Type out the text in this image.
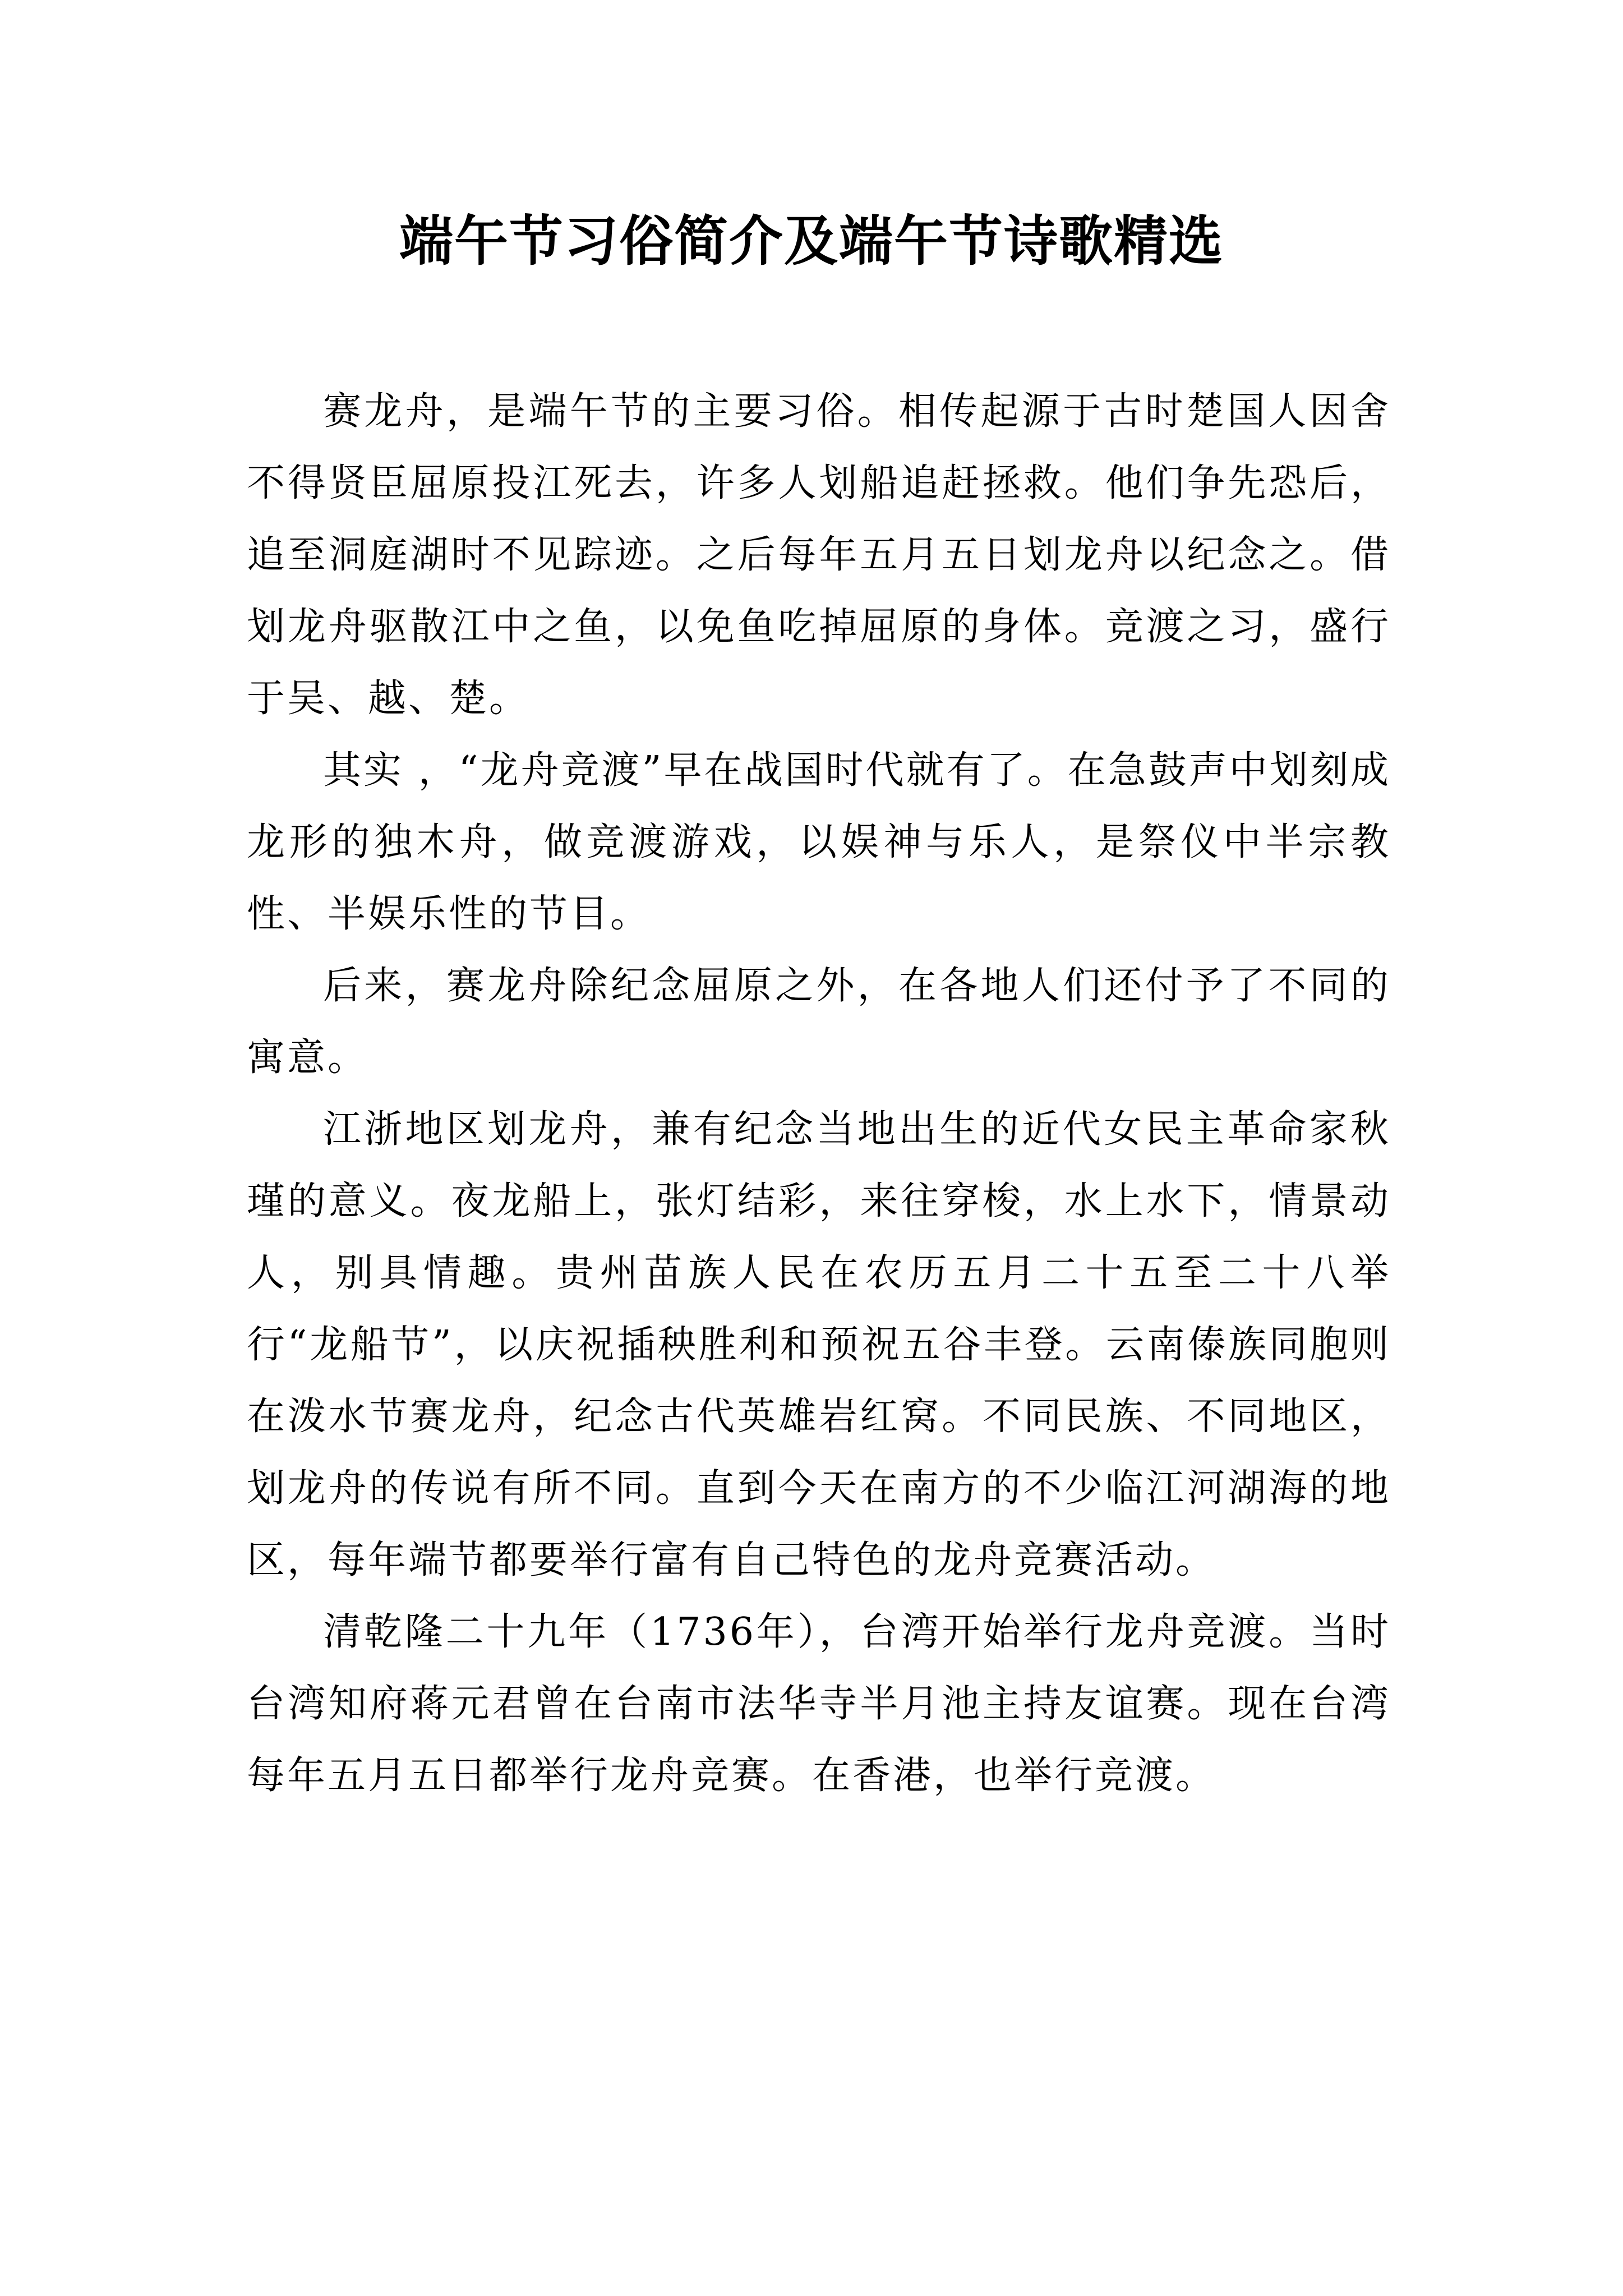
端午节习俗简介及端午节诗歌精选

赛龙舟，是端午节的主要习俗。相传起源于古时楚国人因舍不得贤臣屈原投江死去，许多人划船追赶拯救。他们争先恐后，追至洞庭湖时不见踪迹。之后每年五月五日划龙舟以纪念之。借划龙舟驱散江中之鱼，以免鱼吃掉屈原的身体。竞渡之习，盛行于吴、越、楚。

其实 ，“龙舟竞渡”早在战国时代就有了。在急鼓声中划刻成龙形的独木舟，做竞渡游戏，以娱神与乐人，是祭仪中半宗教性、半娱乐性的节目。

后来，赛龙舟除纪念屈原之外，在各地人们还付予了不同的寓意。

江浙地区划龙舟，兼有纪念当地出生的近代女民主革命家秋瑾的意义。夜龙船上，张灯结彩，来往穿梭，水上水下，情景动人，别具情趣。贵州苗族人民在农历五月二十五至二十八举行“龙船节”，以庆祝插秧胜利和预祝五谷丰登。云南傣族同胞则在泼水节赛龙舟，纪念古代英雄岩红窝。不同民族、不同地区，划龙舟的传说有所不同。直到今天在南方的不少临江河湖海的地区，每年端节都要举行富有自己特色的龙舟竞赛活动。

清乾隆二十九年（1736年），台湾开始举行龙舟竞渡。当时台湾知府蒋元君曾在台南市法华寺半月池主持友谊赛。现在台湾每年五月五日都举行龙舟竞赛。在香港，也举行竞渡。
